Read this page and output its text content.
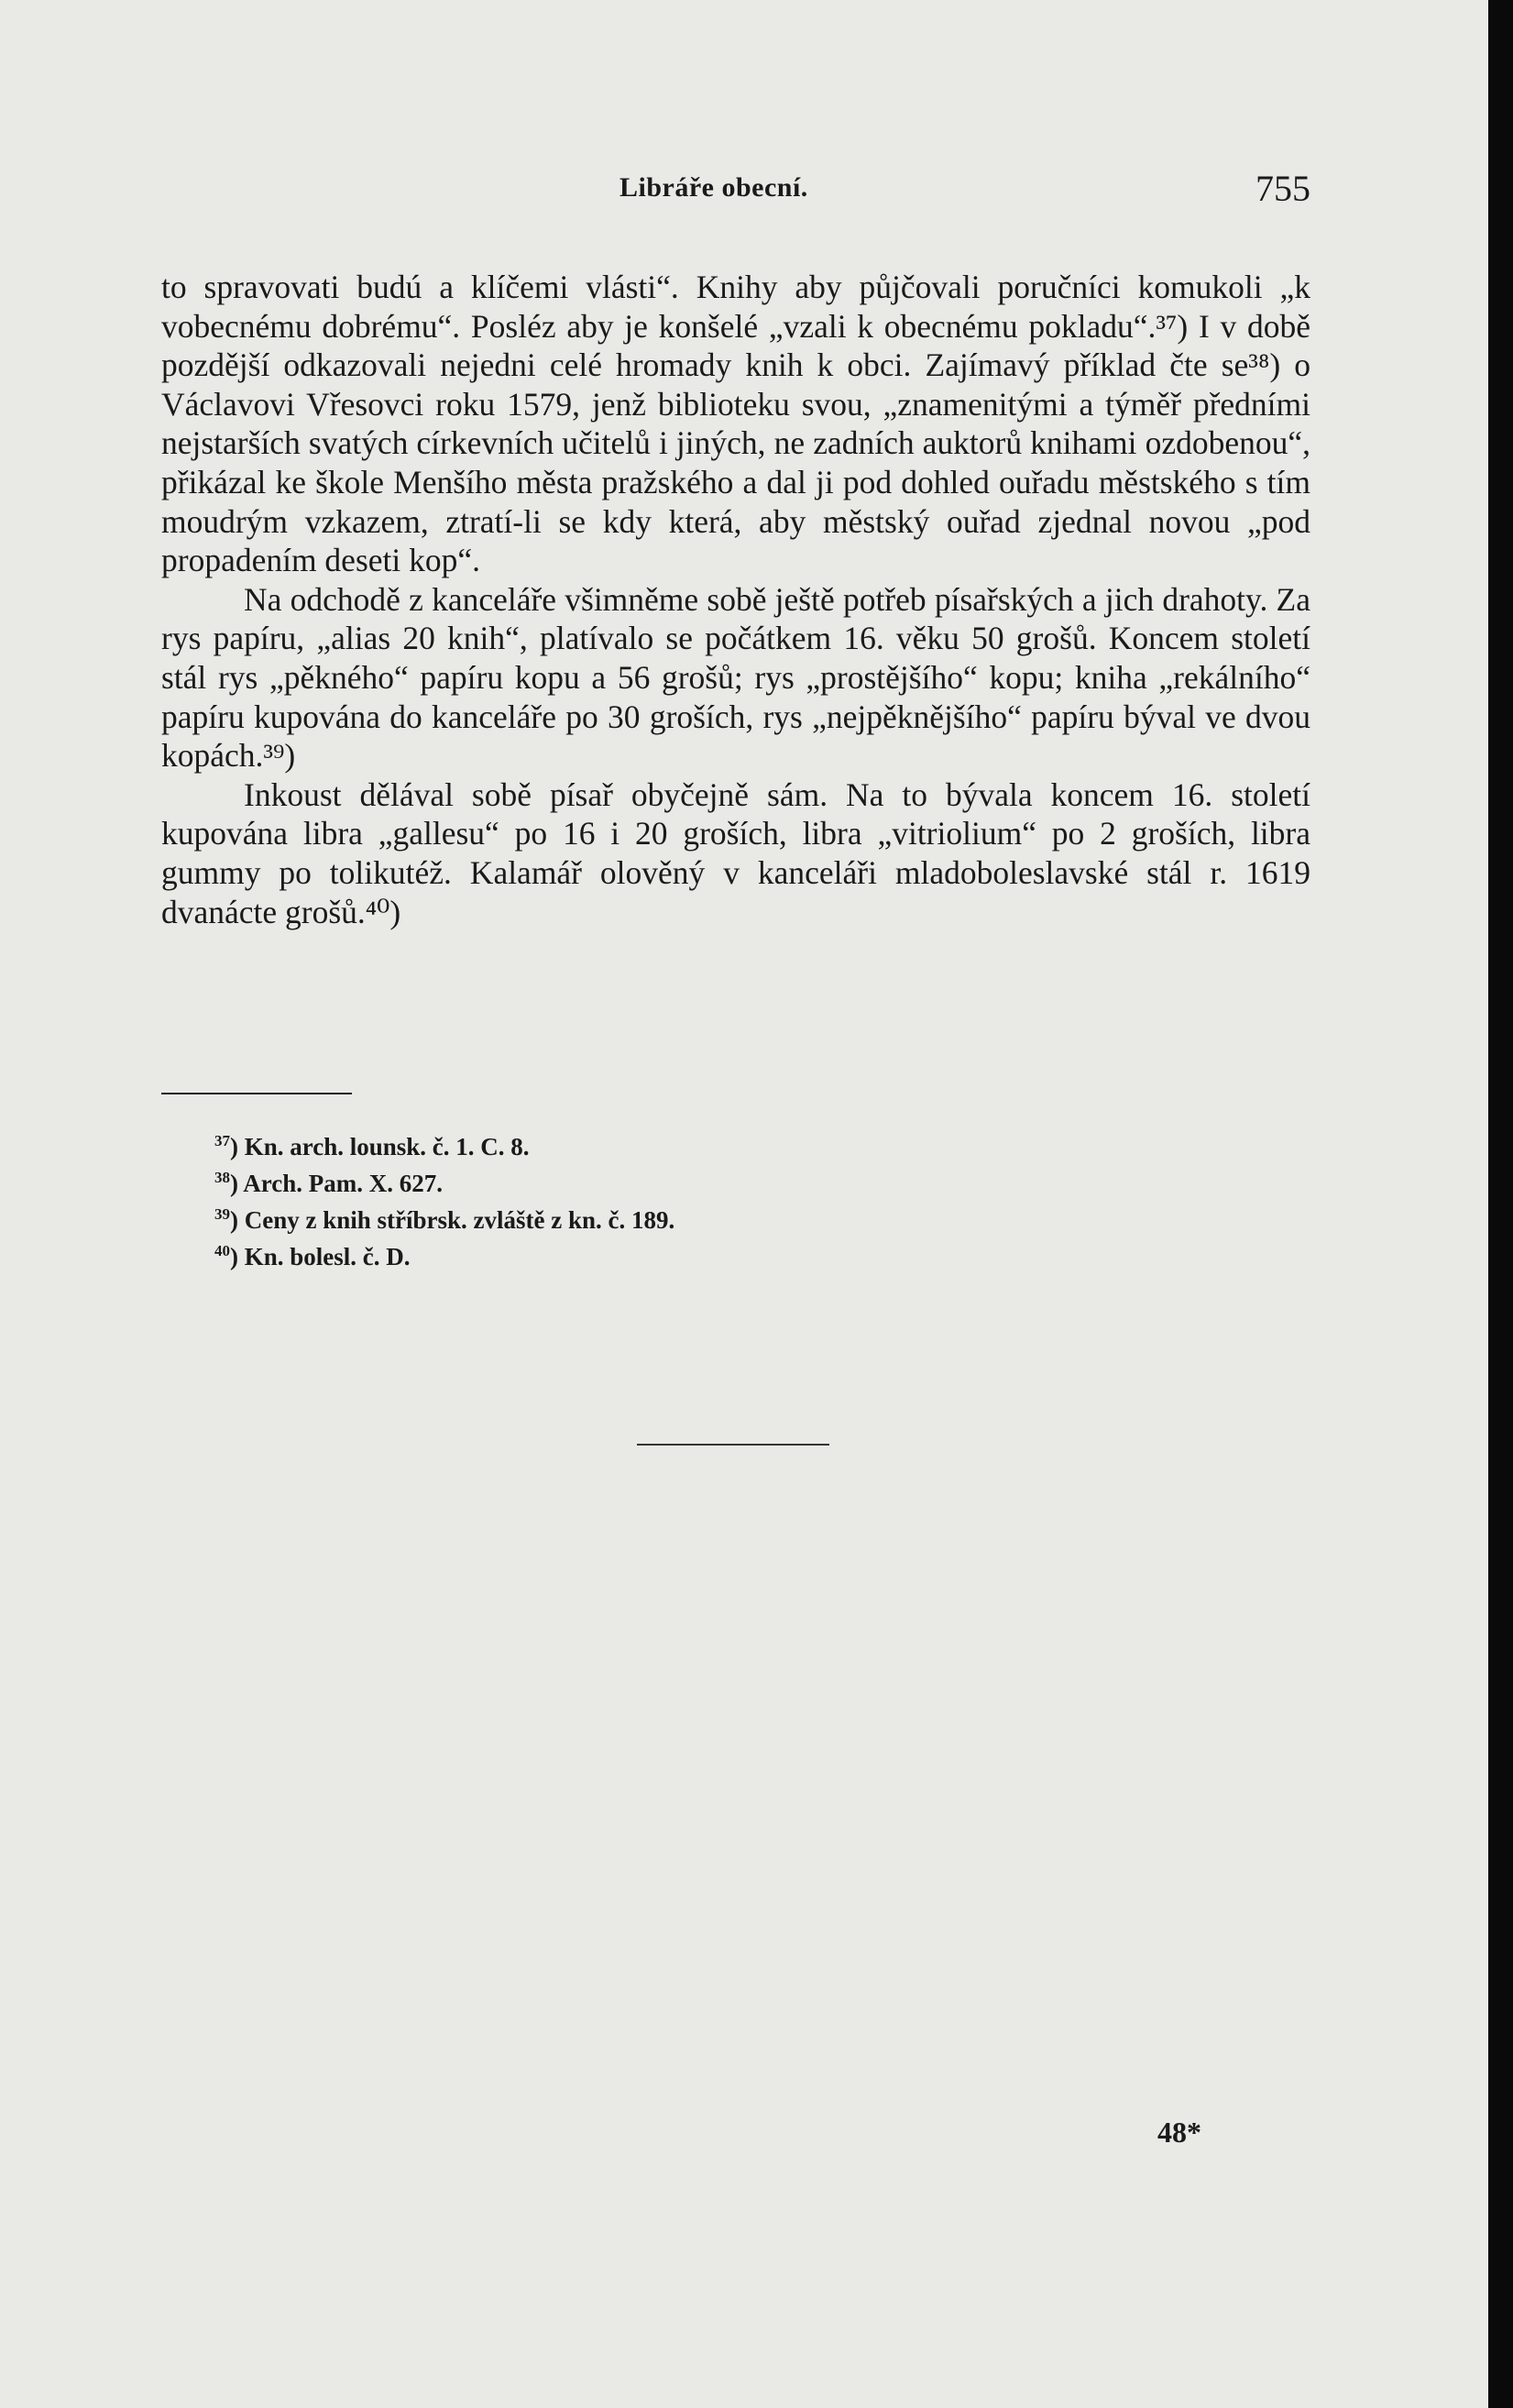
Libráře obecní.	755

to spravovati budú a klíčemi vlásti“. Knihy aby půjčovali poručníci komukoli „k vobecnému dobrému“. Posléz aby je konšelé „vzali k obecnému pokladu“.³⁷) I v době pozdější odkazovali nejedni celé hromady knih k obci. Zajímavý příklad čte se³⁸) o Václavovi Vřesovci roku 1579, jenž biblioteku svou, „znamenitými a týměř předními nejstarších svatých církevních učitelů i jiných, ne zadních auktorů knihami ozdobenou“, přikázal ke škole Menšího města pražského a dal ji pod dohled ouřadu městského s tím moudrým vzkazem, ztratí-li se kdy která, aby městský ouřad zjednal novou „pod propadením deseti kop“.

Na odchodě z kanceláře všimněme sobě ještě potřeb písařských a jich drahoty. Za rys papíru, „alias 20 knih“, platívalo se počátkem 16. věku 50 grošů. Koncem století stál rys „pěkného“ papíru kopu a 56 grošů; rys „prostějšího“ kopu; kniha „rekálního“ papíru kupována do kanceláře po 30 groších, rys „nejpěknějšího“ papíru býval ve dvou kopách.³⁹)

Inkoust dělával sobě písař obyčejně sám. Na to bývala koncem 16. století kupována libra „gallesu“ po 16 i 20 groších, libra „vitriolium“ po 2 groších, libra gummy po tolikutéž. Kalamář olověný v kanceláři mladoboleslavské stál r. 1619 dvanácte grošů.⁴⁰)

$^{37}$) Kn. arch. lounsk. č. 1. C. 8.
$^{38}$) Arch. Pam. X. 627.
$^{39}$) Ceny z knih stříbrsk. zvláště z kn. č. 189.
$^{40}$) Kn. bolesl. č. D.
48*
